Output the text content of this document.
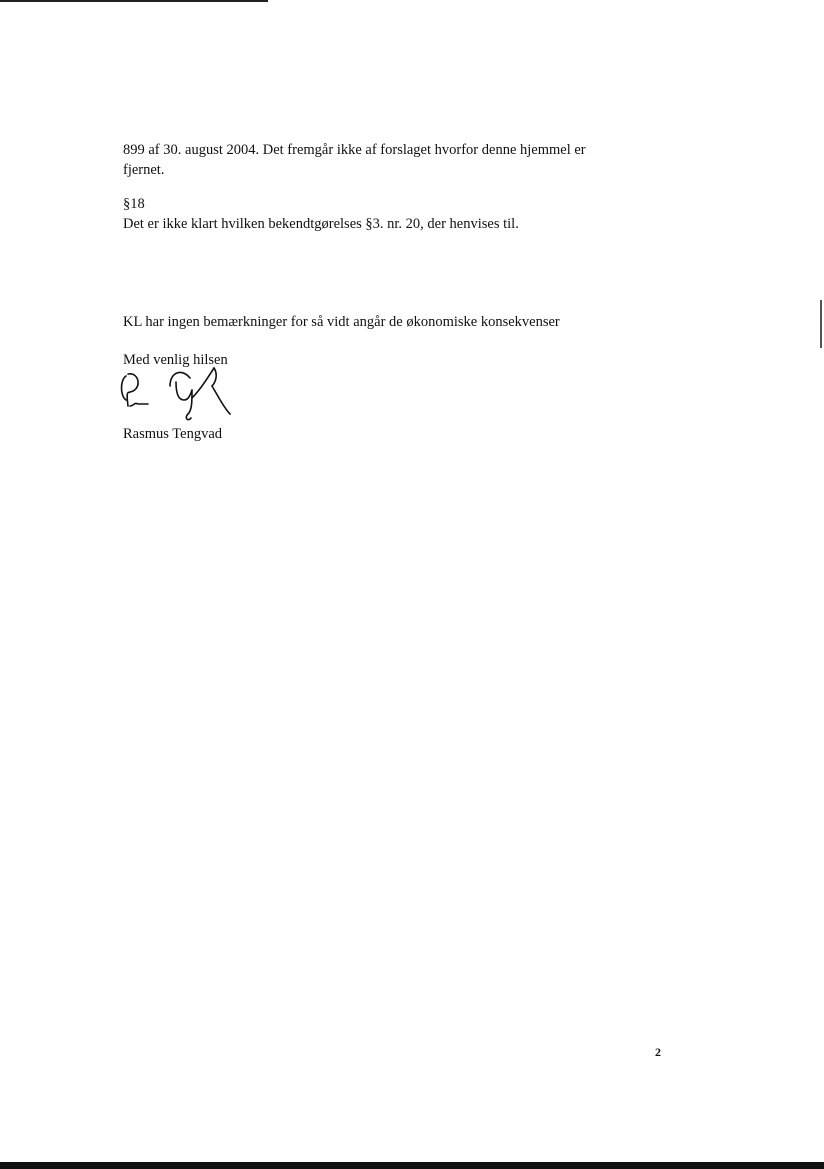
899 af 30. august 2004. Det fremgår ikke af forslaget hvorfor denne hjemmel er
fjernet.
§18
Det er ikke klart hvilken bekendtgørelses §3. nr. 20, der henvises til.
KL har ingen bemærkninger for så vidt angår de økonomiske konsekvenser
Med venlig hilsen
Rasmus Tengvad
2
